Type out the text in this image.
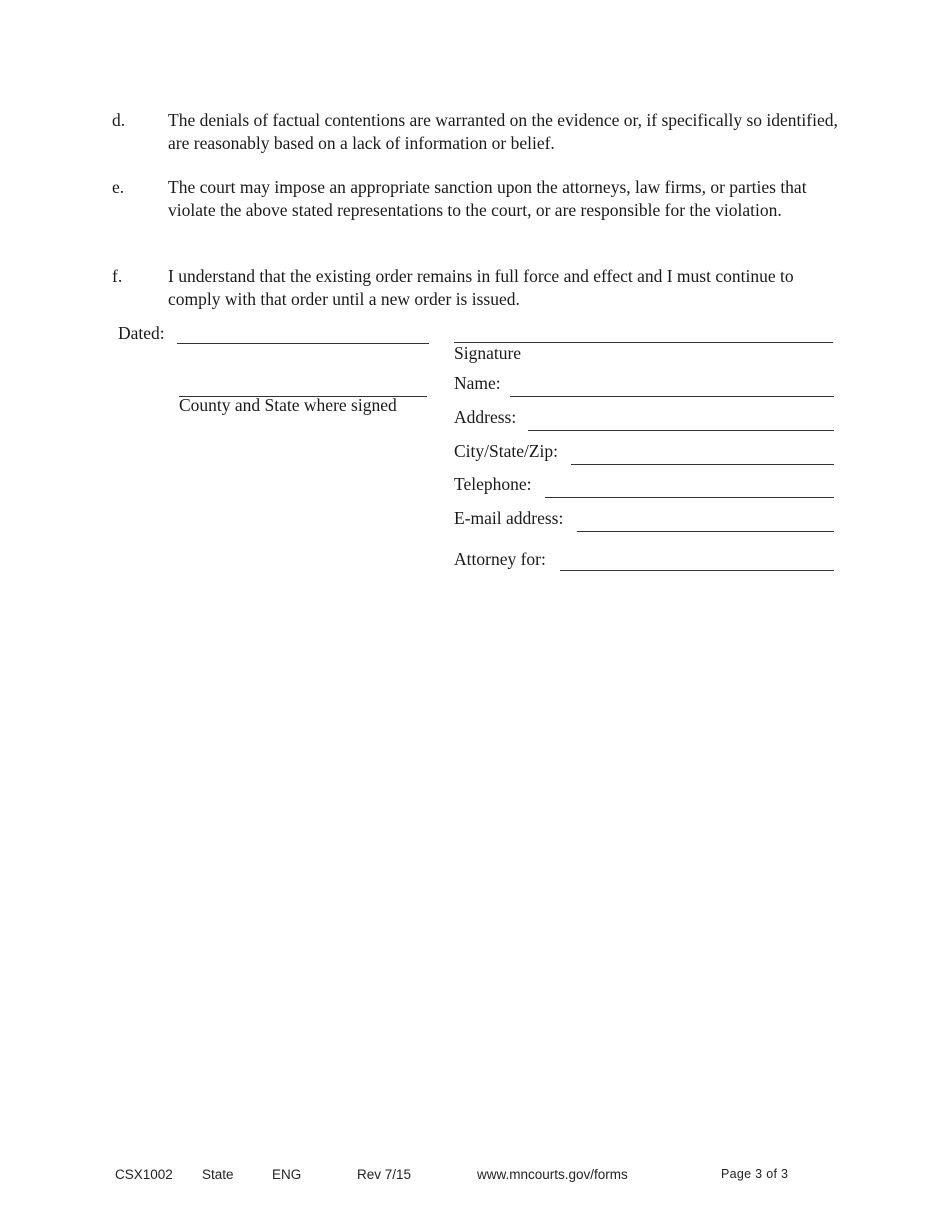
d. The denials of factual contentions are warranted on the evidence or, if specifically so identified, are reasonably based on a lack of information or belief.
e.	The court may impose an appropriate sanction upon the attorneys, law firms, or parties that violate the above stated representations to the court, or are responsible for the violation.
f.	I understand that the existing order remains in full force and effect and I must continue to comply with that order until a new order is issued.
Dated:
County and State where signed
Signature
Name:
Address:
City/State/Zip:
Telephone:
E-mail address:
Attorney for:
CSX1002 State	ENG	Rev 7/15	www.mncourts.gov/forms	Page 3 of 3
